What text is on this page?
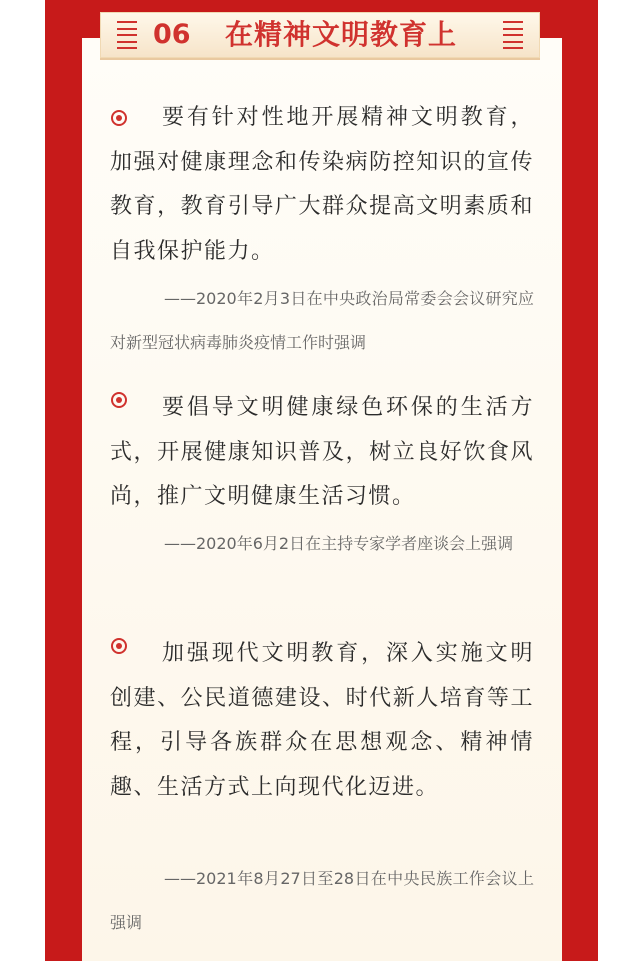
06 在精神文明教育上

要有针对性地开展精神文明教育，加强对健康理念和传染病防控知识的宣传教育，教育引导广大群众提高文明素质和自我保护能力。

——2020年2月3日在中央政治局常委会会议研究应对新型冠状病毒肺炎疫情工作时强调

要倡导文明健康绿色环保的生活方式，开展健康知识普及，树立良好饮食风尚，推广文明健康生活习惯。

——2020年6月2日在主持专家学者座谈会上强调

加强现代文明教育，深入实施文明创建、公民道德建设、时代新人培育等工程，引导各族群众在思想观念、精神情趣、生活方式上向现代化迈进。

——2021年8月27日至28日在中央民族工作会议上强调
